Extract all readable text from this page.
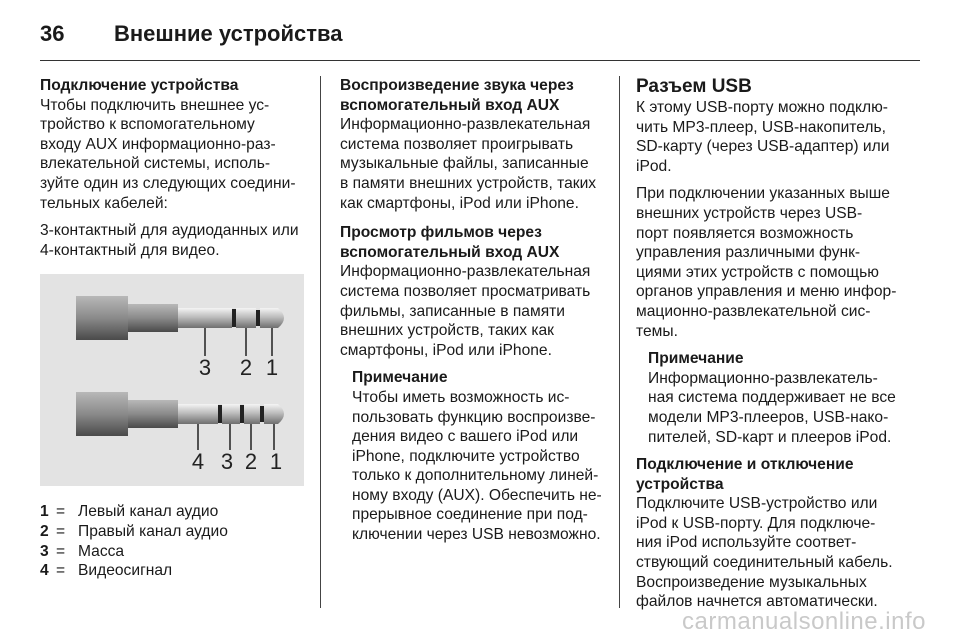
36	Внешние устройства

Подключение устройства

Чтобы подключить внешнее ус-
тройство к вспомогательному
входу AUX информационно-раз-
влекательной системы, исполь-
зуйте один из следующих соедини-
тельных кабелей:
3-контактный для аудиоданных или
4-контактный для видео.
3 2 1
4 3 2 1
1 = Левый канал аудио
2 = Правый канал аудио
3 = Масса
4 = Видеосигнал
Воспроизведение звука через
вспомогательный вход AUX
Информационно-развлекательная
система позволяет проигрывать
музыкальные файлы, записанные
в памяти внешних устройств, таких
как смартфоны, iPod или iPhone.
Просмотр фильмов через
вспомогательный вход AUX
Информационно-развлекательная
система позволяет просматривать
фильмы, записанные в памяти
внешних устройств, таких как
смартфоны, iPod или iPhone.
Примечание
Чтобы иметь возможность ис-
пользовать функцию воспроизве-
дения видео с вашего iPod или
iPhone, подключите устройство
только к дополнительному линей-
ному входу (AUX). Обеспечить не-
прерывное соединение при под-
ключении через USB невозможно.

Разъем USB

К этому USB-порту можно подклю-
чить MP3-плеер, USB-накопитель,
SD-карту (через USB-адаптер) или
iPod.
При подключении указанных выше
внешних устройств через USB-
порт появляется возможность
управления различными функ-
циями этих устройств с помощью
органов управления и меню инфор-
мационно-развлекательной сис-
темы.
Примечание
Информационно-развлекатель-
ная система поддерживает не все
модели MP3-плееров, USB-нако-
пителей, SD-карт и плееров iPod.
Подключение и отключение
устройства
Подключите USB-устройство или
iPod к USB-порту. Для подключе-
ния iPod используйте соответ-
ствующий соединительный кабель.
Воспроизведение музыкальных
файлов начнется автоматически.
carmanualsonline.info
